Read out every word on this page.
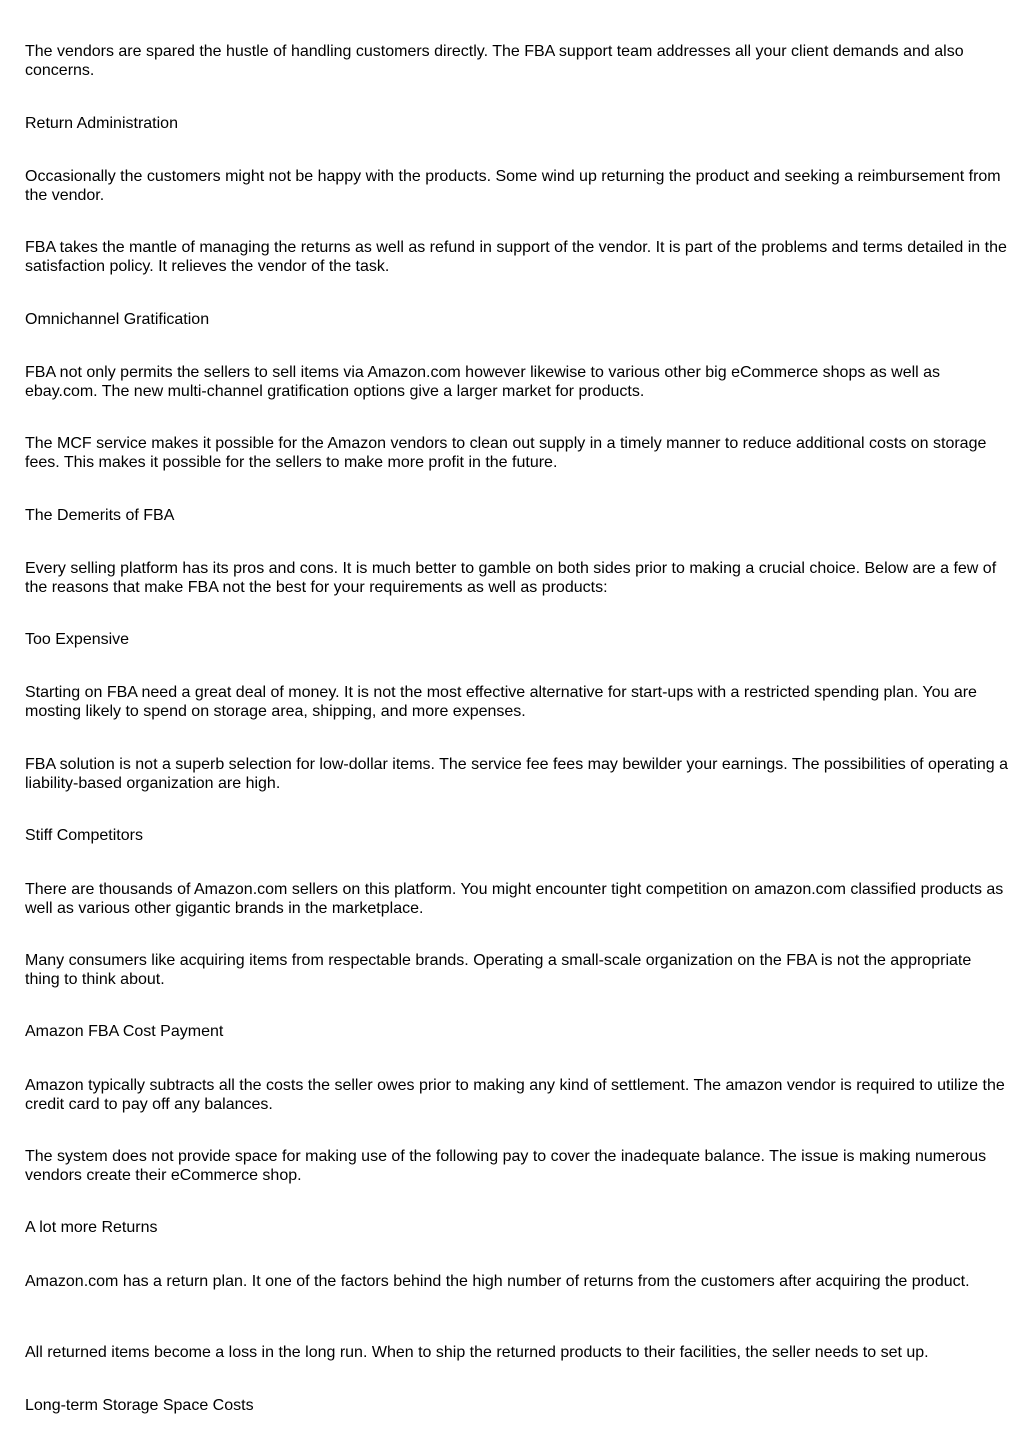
The vendors are spared the hustle of handling customers directly. The FBA support team addresses all your client demands and also concerns.

Return Administration

Occasionally the customers might not be happy with the products. Some wind up returning the product and seeking a reimbursement from the vendor.

FBA takes the mantle of managing the returns as well as refund in support of the vendor. It is part of the problems and terms detailed in the satisfaction policy. It relieves the vendor of the task.

Omnichannel Gratification

FBA not only permits the sellers to sell items via Amazon.com however likewise to various other big eCommerce shops as well as ebay.com. The new multi-channel gratification options give a larger market for products.

The MCF service makes it possible for the Amazon vendors to clean out supply in a timely manner to reduce additional costs on storage fees. This makes it possible for the sellers to make more profit in the future.

The Demerits of FBA

Every selling platform has its pros and cons. It is much better to gamble on both sides prior to making a crucial choice. Below are a few of the reasons that make FBA not the best for your requirements as well as products:

Too Expensive

Starting on FBA need a great deal of money. It is not the most effective alternative for start-ups with a restricted spending plan. You are mosting likely to spend on storage area, shipping, and more expenses.

FBA solution is not a superb selection for low-dollar items. The service fee fees may bewilder your earnings. The possibilities of operating a liability-based organization are high.

Stiff Competitors

There are thousands of Amazon.com sellers on this platform. You might encounter tight competition on amazon.com classified products as well as various other gigantic brands in the marketplace.

Many consumers like acquiring items from respectable brands. Operating a small-scale organization on the FBA is not the appropriate thing to think about.

Amazon FBA Cost Payment

Amazon typically subtracts all the costs the seller owes prior to making any kind of settlement. The amazon vendor is required to utilize the credit card to pay off any balances.

The system does not provide space for making use of the following pay to cover the inadequate balance. The issue is making numerous vendors create their eCommerce shop.

A lot more Returns

Amazon.com has a return plan. It one of the factors behind the high number of returns from the customers after acquiring the product.

All returned items become a loss in the long run. When to ship the returned products to their facilities, the seller needs to set up.

Long-term Storage Space Costs
